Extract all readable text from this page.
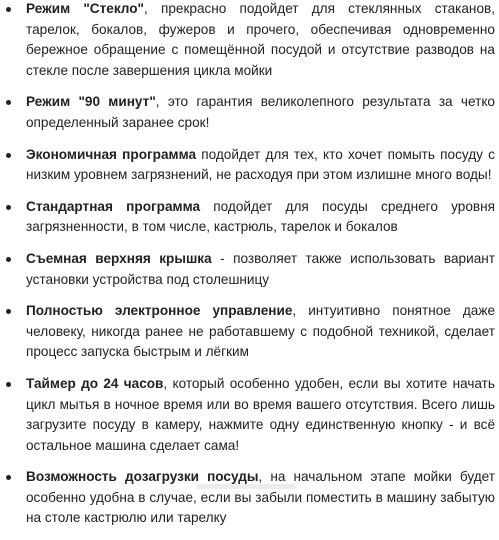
Режим "Стекло", прекрасно подойдет для стеклянных стаканов, тарелок, бокалов, фужеров и прочего, обеспечивая одновременно бережное обращение с помещённой посудой и отсутствие разводов на стекле после завершения цикла мойки
Режим "90 минут", это гарантия великолепного результата за четко определенный заранее срок!
Экономичная программа подойдет для тех, кто хочет помыть посуду с низким уровнем загрязнений, не расходуя при этом излишне много воды!
Стандартная программа подойдет для посуды среднего уровня загрязненности, в том числе, кастрюль, тарелок и бокалов
Съемная верхняя крышка - позволяет также использовать вариант установки устройства под столешницу
Полностью электронное управление, интуитивно понятное даже человеку, никогда ранее не работавшему с подобной техникой, сделает процесс запуска быстрым и лёгким
Таймер до 24 часов, который особенно удобен, если вы хотите начать цикл мытья в ночное время или во время вашего отсутствия. Всего лишь загрузите посуду в камеру, нажмите одну единственную кнопку - и всё остальное машина сделает сама!
Возможность дозагрузки посуды, на начальном этапе мойки будет особенно удобна в случае, если вы забыли поместить в машину забытую на столе кастрюлю или тарелку
